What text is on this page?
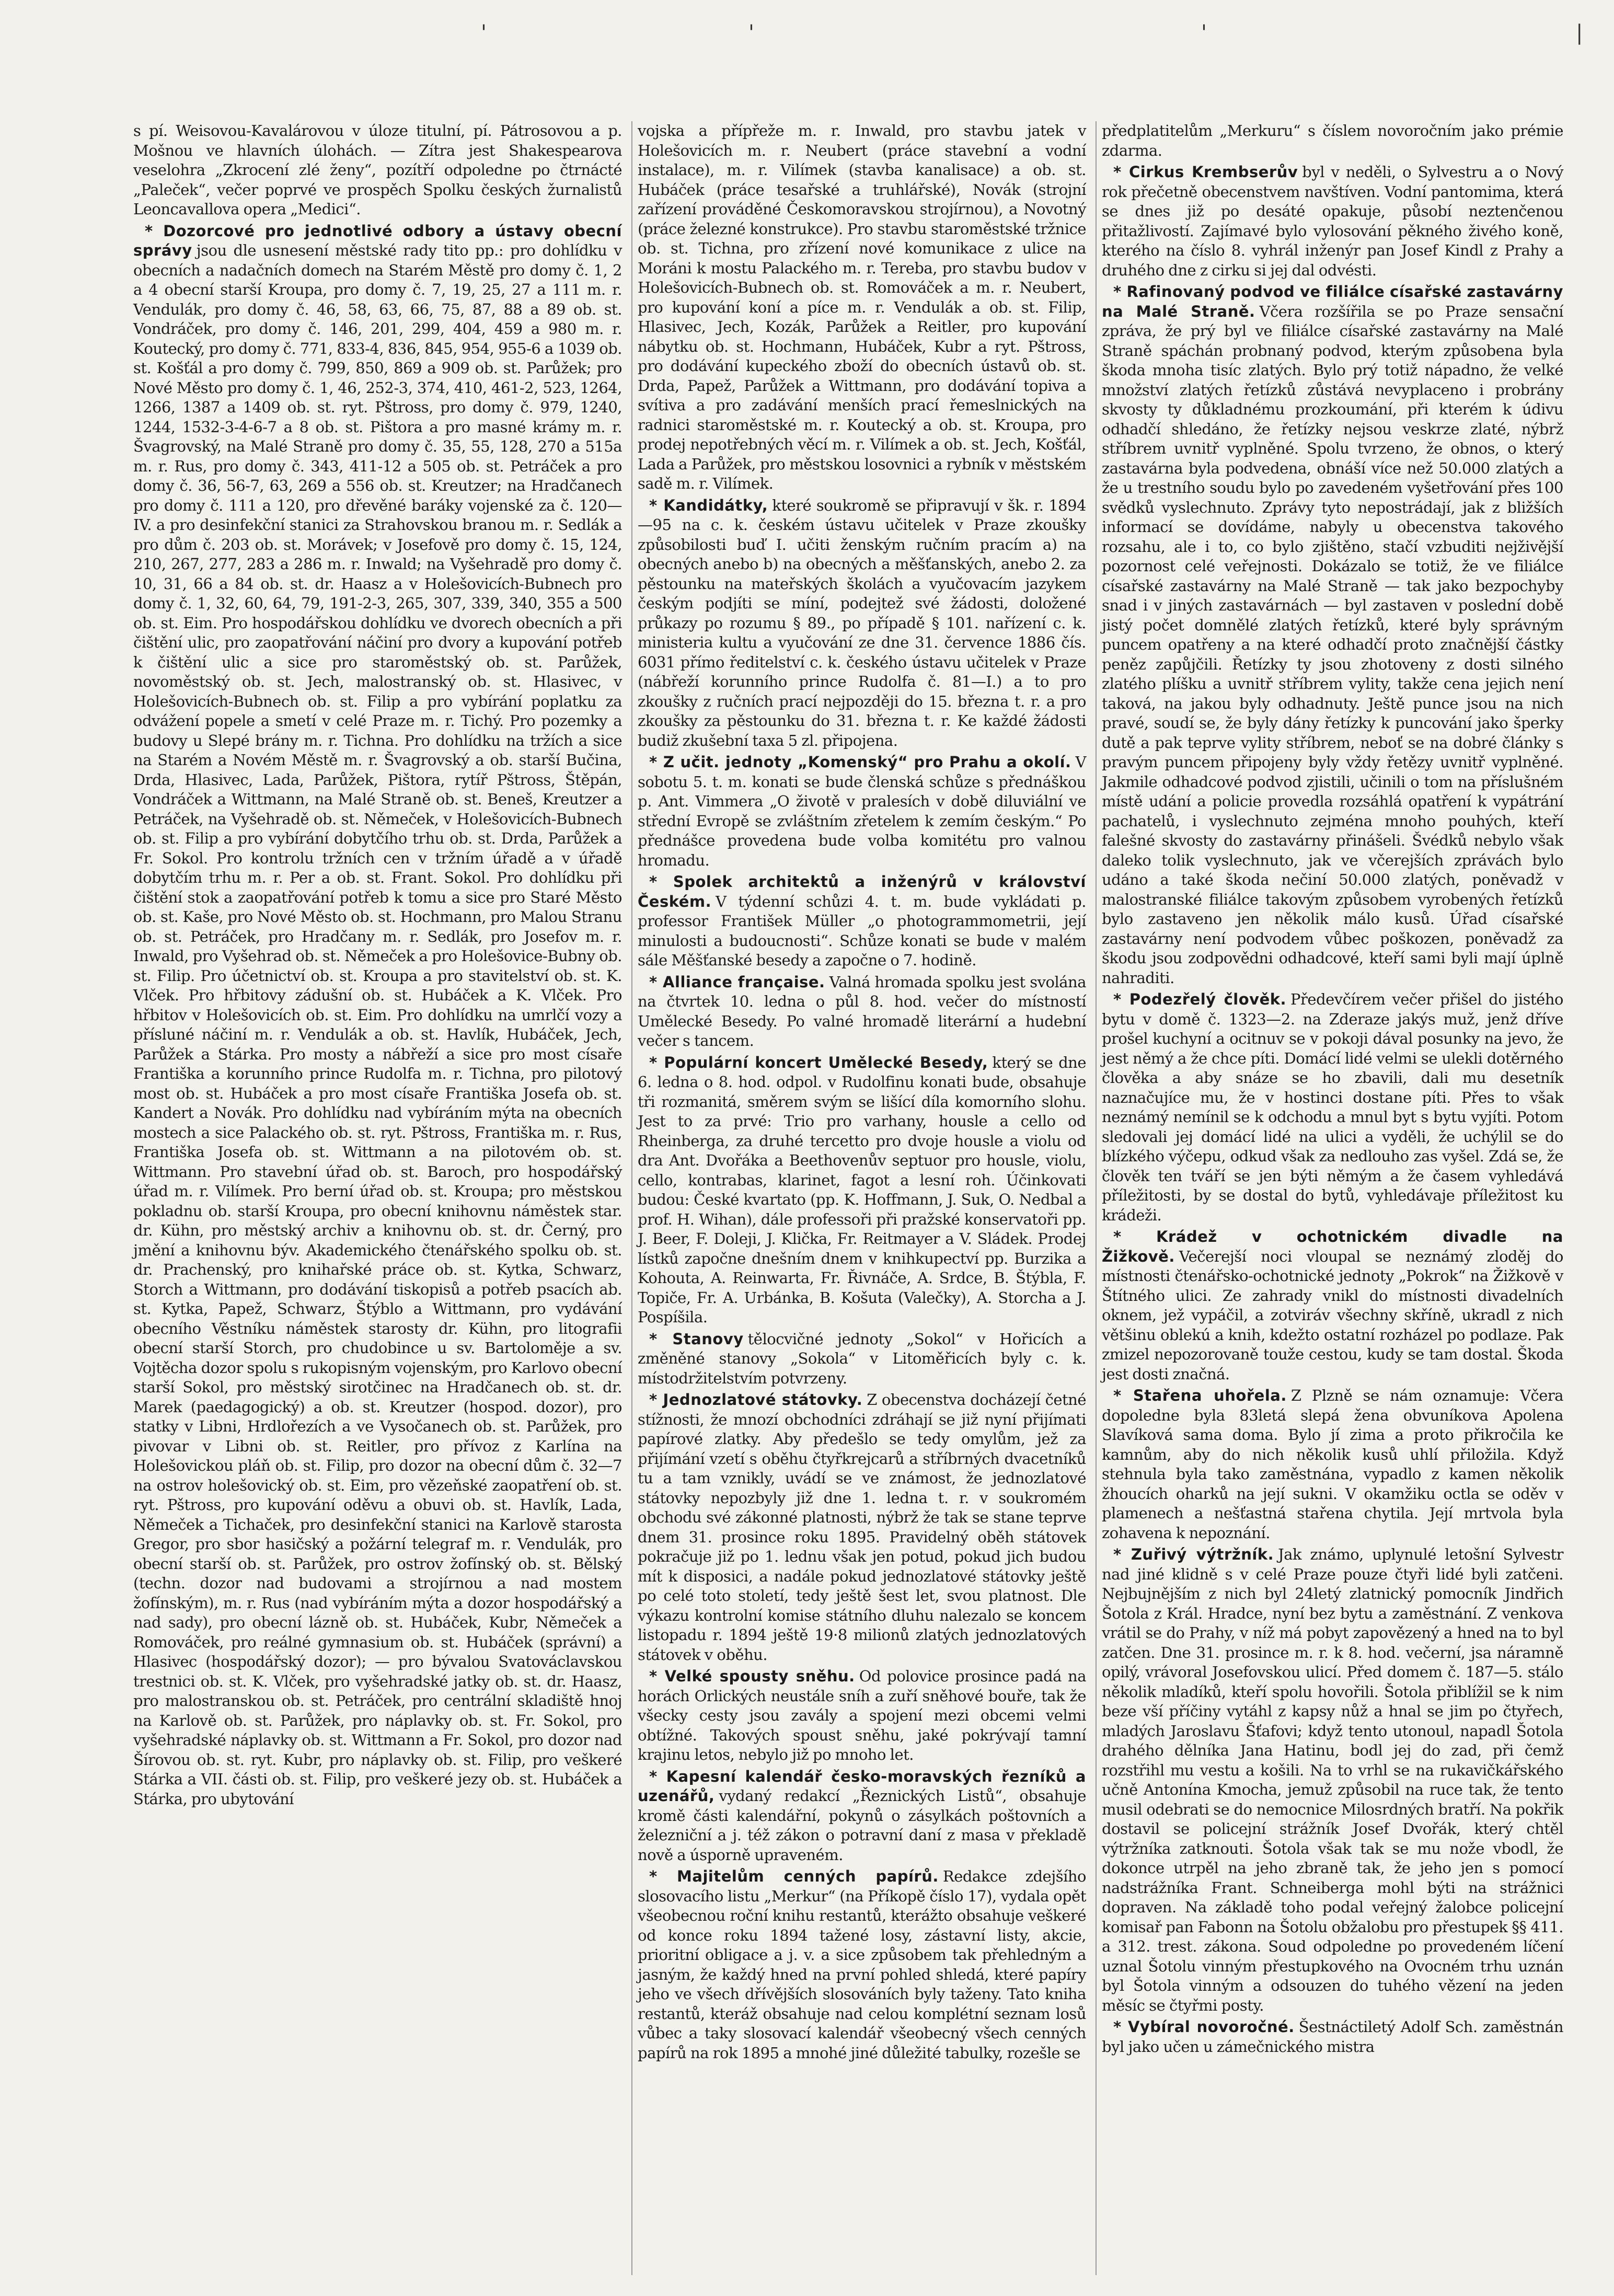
'	'	'	|

s pí. Weisovou-Kavalárovou v úloze titulní, pí. Pátrosovou a p. Mošnou ve hlavních úlohách. — Zítra jest Shakespearova veselohra „Zkrocení zlé ženy“, pozítří odpoledne po čtrnácté „Paleček“, večer poprvé ve prospěch Spolku českých žurnalistů Leoncavallova opera „Medici“.

* Dozorcové pro jednotlivé odbory a ústavy obecní správy jsou dle usnesení městské rady tito pp.: pro dohlídku v obecních a nadačních domech na Starém Městě pro domy č. 1, 2 a 4 obecní starší Kroupa, pro domy č. 7, 19, 25, 27 a 111 m. r. Vendulák, pro domy č. 46, 58, 63, 66, 75, 87, 88 a 89 ob. st. Vondráček, pro domy č. 146, 201, 299, 404, 459 a 980 m. r. Koutecký, pro domy č. 771, 833-4, 836, 845, 954, 955-6 a 1039 ob. st. Košťál a pro domy č. 799, 850, 869 a 909 ob. st. Parůžek; pro Nové Město pro domy č. 1, 46, 252-3, 374, 410, 461-2, 523, 1264, 1266, 1387 a 1409 ob. st. ryt. Pštross, pro domy č. 979, 1240, 1244, 1532-3-4-6-7 a 8 ob. st. Pištora a pro masné krámy m. r. Švagrovský, na Malé Straně pro domy č. 35, 55, 128, 270 a 515a m. r. Rus, pro domy č. 343, 411-12 a 505 ob. st. Petráček a pro domy č. 36, 56-7, 63, 269 a 556 ob. st. Kreutzer; na Hradčanech pro domy č. 111 a 120, pro dřevěné baráky vojenské za č. 120—IV. a pro desinfekční stanici za Strahovskou branou m. r. Sedlák a pro dům č. 203 ob. st. Morávek; v Josefově pro domy č. 15, 124, 210, 267, 277, 283 a 286 m. r. Inwald; na Vyšehradě pro domy č. 10, 31, 66 a 84 ob. st. dr. Haasz a v Holešovicích-Bubnech pro domy č. 1, 32, 60, 64, 79, 191-2-3, 265, 307, 339, 340, 355 a 500 ob. st. Eim. Pro hospodářskou dohlídku ve dvorech obecních a při čištění ulic, pro zaopatřování náčiní pro dvory a kupování potřeb k čištění ulic a sice pro staroměstský ob. st. Parůžek, novoměstský ob. st. Jech, malostranský ob. st. Hlasivec, v Holešovicích-Bubnech ob. st. Filip a pro vybírání poplatku za odvážení popele a smetí v celé Praze m. r. Tichý. Pro pozemky a budovy u Slepé brány m. r. Tichna. Pro dohlídku na tržích a sice na Starém a Novém Městě m. r. Švagrovský a ob. starší Bučina, Drda, Hlasivec, Lada, Parůžek, Pištora, rytíř Pštross, Štěpán, Vondráček a Wittmann, na Malé Straně ob. st. Beneš, Kreutzer a Petráček, na Vyšehradě ob. st. Němeček, v Holešovicích-Bubnech ob. st. Filip a pro vybírání dobytčího trhu ob. st. Drda, Parůžek a Fr. Sokol. Pro kontrolu tržních cen v tržním úřadě a v úřadě dobytčím trhu m. r. Per a ob. st. Frant. Sokol. Pro dohlídku při čištění stok a zaopatřování potřeb k tomu a sice pro Staré Město ob. st. Kaše, pro Nové Město ob. st. Hochmann, pro Malou Stranu ob. st. Petráček, pro Hradčany m. r. Sedlák, pro Josefov m. r. Inwald, pro Vyšehrad ob. st. Němeček a pro Holešovice-Bubny ob. st. Filip. Pro účetnictví ob. st. Kroupa a pro stavitelství ob. st. K. Vlček. Pro hřbitovy zádušní ob. st. Hubáček a K. Vlček. Pro hřbitov v Holešovicích ob. st. Eim. Pro dohlídku na umrlčí vozy a přísluné náčiní m. r. Vendulák a ob. st. Havlík, Hubáček, Jech, Parůžek a Stárka. Pro mosty a nábřeží a sice pro most císaře Františka a korunního prince Rudolfa m. r. Tichna, pro pilotový most ob. st. Hubáček a pro most císaře Františka Josefa ob. st. Kandert a Novák. Pro dohlídku nad vybíráním mýta na obecních mostech a sice Palackého ob. st. ryt. Pštross, Františka m. r. Rus, Františka Josefa ob. st. Wittmann a na pilotovém ob. st. Wittmann. Pro stavební úřad ob. st. Baroch, pro hospodářský úřad m. r. Vilímek. Pro berní úřad ob. st. Kroupa; pro městskou pokladnu ob. starší Kroupa, pro obecní knihovnu náměstek star. dr. Kühn, pro městský archiv a knihovnu ob. st. dr. Černý, pro jmění a knihovnu býv. Akademického čtenářského spolku ob. st. dr. Prachenský, pro knihařské práce ob. st. Kytka, Schwarz, Storch a Wittmann, pro dodávání tiskopisů a potřeb psacích ab. st. Kytka, Papež, Schwarz, Štýblo a Wittmann, pro vydávání obecního Věstníku náměstek starosty dr. Kühn, pro litografii obecní starší Storch, pro chudobince u sv. Bartoloměje a sv. Vojtěcha dozor spolu s rukopisným vojenským, pro Karlovo obecní starší Sokol, pro městský sirotčinec na Hradčanech ob. st. dr. Marek (paedagogický) a ob. st. Kreutzer (hospod. dozor), pro statky v Libni, Hrdlořezích a ve Vysočanech ob. st. Parůžek, pro pivovar v Libni ob. st. Reitler, pro přívoz z Karlína na Holešovickou pláň ob. st. Filip, pro dozor na obecní dům č. 32—7 na ostrov holešovický ob. st. Eim, pro vězeňské zaopatření ob. st. ryt. Pštross, pro kupování oděvu a obuvi ob. st. Havlík, Lada, Němeček a Tichaček, pro desinfekční stanici na Karlově starosta Gregor, pro sbor hasičský a požární telegraf m. r. Vendulák, pro obecní starší ob. st. Parůžek, pro ostrov žofínský ob. st. Bělský (techn. dozor nad budovami a strojírnou a nad mostem žofínským), m. r. Rus (nad vybíráním mýta a dozor hospodářský a nad sady), pro obecní lázně ob. st. Hubáček, Kubr, Němeček a Romováček, pro reálné gymnasium ob. st. Hubáček (správní) a Hlasivec (hospodářský dozor); — pro bývalou Svatováclavskou trestnici ob. st. K. Vlček, pro vyšehradské jatky ob. st. dr. Haasz, pro malostranskou ob. st. Petráček, pro centrální skladiště hnoj na Karlově ob. st. Parůžek, pro náplavky ob. st. Fr. Sokol, pro vyšehradské náplavky ob. st. Wittmann a Fr. Sokol, pro dozor nad Šírovou ob. st. ryt. Kubr, pro náplavky ob. st. Filip, pro veškeré Stárka a VII. části ob. st. Filip, pro veškeré jezy ob. st. Hubáček a Stárka, pro ubytování

vojska a přípřeže m. r. Inwald, pro stavbu jatek v Holešovicích m. r. Neubert (práce stavební a vodní instalace), m. r. Vilímek (stavba kanalisace) a ob. st. Hubáček (práce tesařské a truhlářské), Novák (strojní zařízení prováděné Českomoravskou strojírnou), a Novotný (práce železné konstrukce). Pro stavbu staroměstské tržnice ob. st. Tichna, pro zřízení nové komunikace z ulice na Moráni k mostu Palackého m. r. Tereba, pro stavbu budov v Holešovicích-Bubnech ob. st. Romováček a m. r. Neubert, pro kupování koní a píce m. r. Vendulák a ob. st. Filip, Hlasivec, Jech, Kozák, Parůžek a Reitler, pro kupování nábytku ob. st. Hochmann, Hubáček, Kubr a ryt. Pštross, pro dodávání kupeckého zboží do obecních ústavů ob. st. Drda, Papež, Parůžek a Wittmann, pro dodávání topiva a svítiva a pro zadávání menších prací řemeslnických na radnici staroměstské m. r. Koutecký a ob. st. Kroupa, pro prodej nepotřebných věcí m. r. Vilímek a ob. st. Jech, Košťál, Lada a Parůžek, pro městskou losovnici a rybník v městském sadě m. r. Vilímek.

* Kandidátky, které soukromě se připravují v šk. r. 1894—95 na c. k. českém ústavu učitelek v Praze zkoušky způsobilosti buď I. učiti ženským ručním pracím a) na obecných anebo b) na obecných a měšťanských, anebo 2. za pěstounku na mateřských školách a vyučovacím jazykem českým podjíti se míní, podejtež své žádosti, doložené průkazy po rozumu § 89., po případě § 101. nařízení c. k. ministeria kultu a vyučování ze dne 31. července 1886 čís. 6031 přímo ředitelství c. k. českého ústavu učitelek v Praze (nábřeží korunního prince Rudolfa č. 81—I.) a to pro zkoušky z ručních prací nejpozději do 15. března t. r. a pro zkoušky za pěstounku do 31. března t. r. Ke každé žádosti budiž zkušební taxa 5 zl. připojena.

* Z učit. jednoty „Komenský“ pro Prahu a okolí. V sobotu 5. t. m. konati se bude členská schůze s přednáškou p. Ant. Vimmera „O životě v pralesích v době diluviální ve střední Evropě se zvláštním zřetelem k zemím českým.“ Po přednášce provedena bude volba komitétu pro valnou hromadu.

* Spolek architektů a inženýrů v království Českém. V týdenní schůzi 4. t. m. bude vykládati p. professor František Müller „o photogrammometrii, její minulosti a budoucnosti“. Schůze konati se bude v malém sále Měšťanské besedy a započne o 7. hodině.

* Alliance française. Valná hromada spolku jest svolána na čtvrtek 10. ledna o půl 8. hod. večer do místností Umělecké Besedy. Po valné hromadě literární a hudební večer s tancem.

* Populární koncert Umělecké Besedy, který se dne 6. ledna o 8. hod. odpol. v Rudolfinu konati bude, obsahuje tři rozmanitá, směrem svým se lišící díla komorního slohu. Jest to za prvé: Trio pro varhany, housle a cello od Rheinberga, za druhé tercetto pro dvoje housle a violu od dra Ant. Dvořáka a Beethovenův septuor pro housle, violu, cello, kontrabas, klarinet, fagot a lesní roh. Účinkovati budou: České kvartato (pp. K. Hoffmann, J. Suk, O. Nedbal a prof. H. Wihan), dále professoři při pražské konservatoři pp. J. Beer, F. Doleji, J. Klička, Fr. Reitmayer a V. Sládek. Prodej lístků započne dnešním dnem v knihkupectví pp. Burzika a Kohouta, A. Reinwarta, Fr. Řivnáče, A. Srdce, B. Štýbla, F. Topiče, Fr. A. Urbánka, B. Košuta (Valečky), A. Storcha a J. Pospíšila.

* Stanovy tělocvičné jednoty „Sokol“ v Hořicích a změněné stanovy „Sokola“ v Litoměřicích byly c. k. místodržitelstvím potvrzeny.

* Jednozlatové státovky. Z obecenstva docházejí četné stížnosti, že mnozí obchodníci zdráhají se již nyní přijímati papírové zlatky. Aby předešlo se tedy omylům, jež za přijímání vzetí s oběhu čtyřkrejcarů a stříbrných dvacetníků tu a tam vznikly, uvádí se ve známost, že jednozlatové státovky nepozbyly již dne 1. ledna t. r. v soukromém obchodu své zákonné platnosti, nýbrž že tak se stane teprve dnem 31. prosince roku 1895. Pravidelný oběh státovek pokračuje již po 1. lednu však jen potud, pokud jich budou mít k disposici, a nadále pokud jednozlatové státovky ještě po celé toto století, tedy ještě šest let, svou platnost. Dle výkazu kontrolní komise státního dluhu nalezalo se koncem listopadu r. 1894 ještě 19·8 milionů zlatých jednozlatových státovek v oběhu.

* Velké spousty sněhu. Od polovice prosince padá na horách Orlických neustále sníh a zuří sněhové bouře, tak že všecky cesty jsou zavály a spojení mezi obcemi velmi obtížné. Takových spoust sněhu, jaké pokrývají tamní krajinu letos, nebylo již po mnoho let.

* Kapesní kalendář česko-moravských řezníků a uzenářů, vydaný redakcí „Řeznických Listů“, obsahuje kromě části kalendářní, pokynů o zásylkách poštovních a železniční a j. též zákon o potravní daní z masa v překladě nově a úsporně upraveném.

* Majitelům cenných papírů. Redakce zdejšího slosovacího listu „Merkur“ (na Příkopě číslo 17), vydala opět všeobecnou roční knihu restantů, kterážto obsahuje veškeré od konce roku 1894 tažené losy, zástavní listy, akcie, prioritní obligace a j. v. a sice způsobem tak přehledným a jasným, že každý hned na první pohled shledá, které papíry jeho ve všech dřívějších slosováních byly taženy. Tato kniha restantů, kteráž obsahuje nad celou komplétní seznam losů vůbec a taky slosovací kalendář všeobecný všech cenných papírů na rok 1895 a mnohé jiné důležité tabulky, rozešle se

předplatitelům „Merkuru“ s číslem novoročním jako prémie zdarma.

* Cirkus Krembserův byl v neděli, o Sylvestru a o Nový rok přečetně obecenstvem navštíven. Vodní pantomima, která se dnes již po desáté opakuje, působí neztenčenou přitažlivostí. Zajímavé bylo vylosování pěkného živého koně, kterého na číslo 8. vyhrál inženýr pan Josef Kindl z Prahy a druhého dne z cirku si jej dal odvésti.

* Rafinovaný podvod ve filiálce císařské zastavárny na Malé Straně. Včera rozšířila se po Praze sensační zpráva, že prý byl ve filiálce císařské zastavárny na Malé Straně spáchán probnaný podvod, kterým způsobena byla škoda mnoha tisíc zlatých. Bylo prý totiž nápadno, že velké množství zlatých řetízků zůstává nevyplaceno i probrány skvosty ty důkladnému prozkoumání, při kterém k údivu odhadčí shledáno, že řetízky nejsou veskrze zlaté, nýbrž stříbrem uvnitř vyplněné. Spolu tvrzeno, že obnos, o který zastavárna byla podvedena, obnáší více než 50.000 zlatých a že u trestního soudu bylo po zavedeném vyšetřování přes 100 svědků vyslechnuto. Zprávy tyto nepostrádají, jak z bližších informací se dovídáme, nabyly u obecenstva takového rozsahu, ale i to, co bylo zjištěno, stačí vzbuditi nejživější pozornost celé veřejnosti. Dokázalo se totiž, že ve filiálce císařské zastavárny na Malé Straně — tak jako bezpochyby snad i v jiných zastavárnách — byl zastaven v poslední době jistý počet domnělé zlatých řetízků, které byly správným puncem opatřeny a na které odhadčí proto značnější částky peněz zapůjčili. Řetízky ty jsou zhotoveny z dosti silného zlatého plíšku a uvnitř stříbrem vylity, takže cena jejich není taková, na jakou byly odhadnuty. Ještě punce jsou na nich pravé, soudí se, že byly dány řetízky k puncování jako šperky dutě a pak teprve vylity stříbrem, neboť se na dobré články s pravým puncem připojeny byly vždy řetězy uvnitř vyplněné. Jakmile odhadcové podvod zjistili, učinili o tom na příslušném místě udání a policie provedla rozsáhlá opatření k vypátrání pachatelů, i vyslechnuto zejména mnoho pouhých, kteří falešné skvosty do zastavárny přinášeli. Švédků nebylo však daleko tolik vyslechnuto, jak ve včerejších zprávách bylo udáno a také škoda nečiní 50.000 zlatých, poněvadž v malostranské filiálce takovým způsobem vyrobených řetízků bylo zastaveno jen několik málo kusů. Úřad císařské zastavárny není podvodem vůbec poškozen, poněvadž za škodu jsou zodpovědni odhadcové, kteří sami byli mají úplně nahraditi.

* Podezřelý člověk. Předevčírem večer přišel do jistého bytu v domě č. 1323—2. na Zderaze jakýs muž, jenž dříve prošel kuchyní a ocitnuv se v pokoji dával posunky na jevo, že jest němý a že chce píti. Domácí lidé velmi se ulekli dotěrného člověka a aby snáze se ho zbavili, dali mu desetník naznačujíce mu, že v hostinci dostane píti. Přes to však neznámý nemínil se k odchodu a mnul byt s bytu vyjíti. Potom sledovali jej domácí lidé na ulici a vyděli, že uchýlil se do blízkého výčepu, odkud však za nedlouho zas vyšel. Zdá se, že člověk ten tváří se jen býti němým a že časem vyhledává příležitosti, by se dostal do bytů, vyhledávaje příležitost ku krádeži.

* Krádež v ochotnickém divadle na Žižkově. Večerejší noci vloupal se neznámý zloděj do místnosti čtenářsko-ochotnické jednoty „Pokrok“ na Žižkově v Štítného ulici. Ze zahrady vnikl do místnosti divadelních oknem, jež vypáčil, a zotviráv všechny skříně, ukradl z nich většinu oblekú a knih, kdežto ostatní rozházel po podlaze. Pak zmizel nepozorovaně touže cestou, kudy se tam dostal. Škoda jest dosti značná.

* Stařena uhořela. Z Plzně se nám oznamuje: Včera dopoledne byla 83letá slepá žena obvuníkova Apolena Slavíková sama doma. Bylo jí zima a proto přikročila ke kamnům, aby do nich několik kusů uhlí přiložila. Když stehnula byla tako zaměstnána, vypadlo z kamen několik žhoucích oharků na její sukni. V okamžiku octla se oděv v plamenech a nešťastná stařena chytila. Její mrtvola byla zohavena k nepoznání.

* Zuřivý výtržník. Jak známo, uplynulé letošní Sylvestr nad jiné klidně s v celé Praze pouze čtyři lidé byli zatčeni. Nejbujnějším z nich byl 24letý zlatnický pomocník Jindřich Šotola z Král. Hradce, nyní bez bytu a zaměstnání. Z venkova vrátil se do Prahy, v níž má pobyt zapovězený a hned na to byl zatčen. Dne 31. prosince m. r. k 8. hod. večerní, jsa náramně opilý, vrávoral Josefovskou ulicí. Před domem č. 187—5. stálo několik mladíků, kteří spolu hovořili. Šotola přiblížil se k nim beze vší příčiny vytáhl z kapsy nůž a hnal se jim po čtyřech, mladých Jaroslavu Šťafovi; když tento utonoul, napadl Šotola drahého dělníka Jana Hatinu, bodl jej do zad, při čemž rozstřihl mu vestu a košili. Na to vrhl se na rukavičkářského učně Antonína Kmocha, jemuž způsobil na ruce tak, že tento musil odebrati se do nemocnice Milosrdných bratří. Na pokřik dostavil se policejní strážník Josef Dvořák, který chtěl výtržníka zatknouti. Šotola však tak se mu nože vbodl, že dokonce utrpěl na jeho zbraně tak, že jeho jen s pomocí nadstrážníka Frant. Schneiberga mohl býti na strážnici dopraven. Na základě toho podal veřejný žalobce policejní komisař pan Fabonn na Šotolu obžalobu pro přestupek §§ 411. a 312. trest. zákona. Soud odpoledne po provedeném líčení uznal Šotolu vinným přestupkového na Ovocném trhu uznán byl Šotola vinným a odsouzen do tuhého vězení na jeden měsíc se čtyřmi posty.

* Vybíral novoročné. Šestnáctiletý Adolf Sch. zaměstnán byl jako učen u zámečnického mistra
